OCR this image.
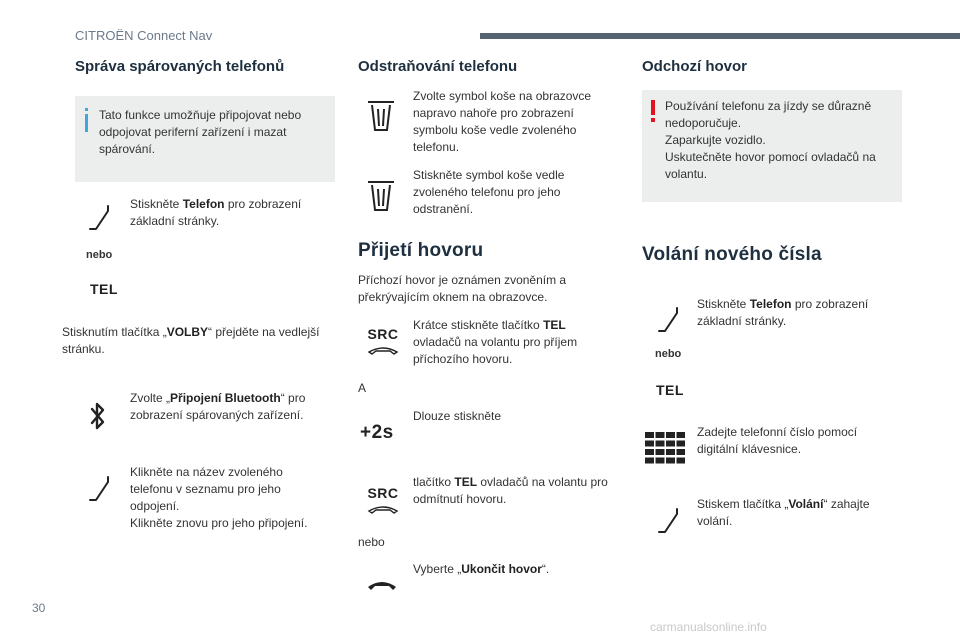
CITROËN Connect Nav
Správa spárovaných telefonů
Tato funkce umožňuje připojovat nebo odpojovat periferní zařízení i mazat spárování.
Stiskněte Telefon pro zobrazení základní stránky.
nebo
TEL
Stisknutím tlačítka „VOLBY“ přejděte na vedlejší stránku.
Zvolte „Připojení Bluetooth“ pro zobrazení spárovaných zařízení.
Klikněte na název zvoleného telefonu v seznamu pro jeho odpojení.
Klikněte znovu pro jeho připojení.
Odstraňování telefonu
Zvolte symbol koše na obrazovce napravo nahoře pro zobrazení symbolu koše vedle zvoleného telefonu.
Stiskněte symbol koše vedle zvoleného telefonu pro jeho odstranění.
Přijetí hovoru
Příchozí hovor je oznámen zvoněním a překrývajícím oknem na obrazovce.
SRC
Krátce stiskněte tlačítko TEL ovladačů na volantu pro příjem příchozího hovoru.
A
+2s
Dlouze stiskněte
SRC
tlačítko TEL ovladačů na volantu pro odmítnutí hovoru.
nebo
Vyberte „Ukončit hovor“.
Odchozí hovor
Používání telefonu za jízdy se důrazně nedoporučuje.
Zaparkujte vozidlo.
Uskutečněte hovor pomocí ovladačů na volantu.
Volání nového čísla
Stiskněte Telefon pro zobrazení základní stránky.
nebo
TEL
Zadejte telefonní číslo pomocí digitální klávesnice.
Stiskem tlačítka „Volání“ zahajte volání.
30
carmanualsonline.info
